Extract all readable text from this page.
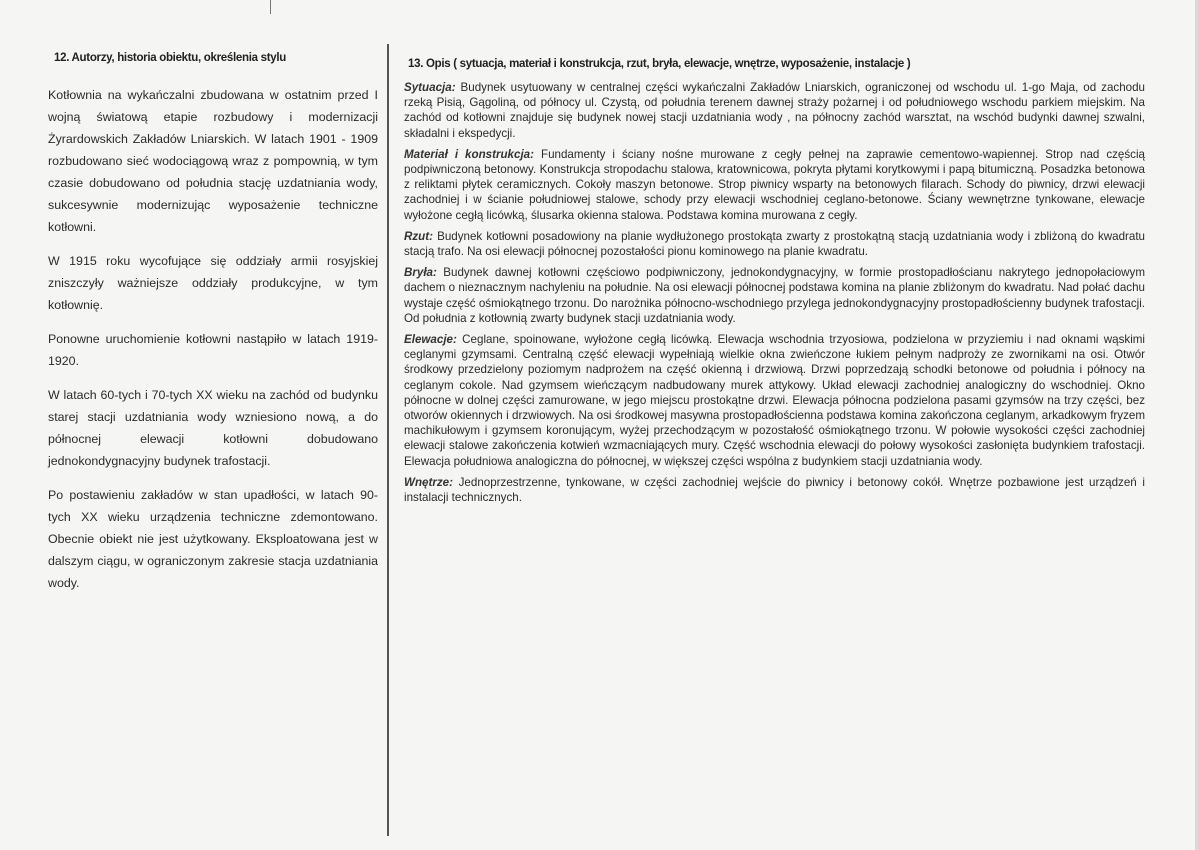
12. Autorzy, historia obiektu, określenia stylu

Kotłownia na wykańczalni zbudowana w ostatnim przed I wojną światową etapie rozbudowy i modernizacji Żyrardowskich Zakładów Lniarskich. W latach 1901 - 1909 rozbudowano sieć wodociągową wraz z pompownią, w tym czasie dobudowano od południa stację uzdatniania wody, sukcesywnie modernizując wyposażenie techniczne kotłowni.

W 1915 roku wycofujące się oddziały armii rosyjskiej zniszczyły ważniejsze oddziały produkcyjne, w tym kotłownię.

Ponowne uruchomienie kotłowni nastąpiło w latach 1919-1920.

W latach 60-tych i 70-tych XX wieku na zachód od budynku starej stacji uzdatniania wody wzniesiono nową, a do północnej elewacji kotłowni dobudowano jednokondygnacyjny budynek trafostacji.

Po postawieniu zakładów w stan upadłości, w latach 90-tych XX wieku urządzenia techniczne zdemontowano. Obecnie obiekt nie jest użytkowany. Eksploatowana jest w dalszym ciągu, w ograniczonym zakresie stacja uzdatniania wody.

13. Opis ( sytuacja, materiał i konstrukcja, rzut, bryła, elewacje, wnętrze, wyposażenie, instalacje )

Sytuacja: Budynek usytuowany w centralnej części wykańczalni Zakładów Lniarskich, ograniczonej od wschodu ul. 1-go Maja, od zachodu rzeką Pisią, Gągoliną, od północy ul. Czystą, od południa terenem dawnej straży pożarnej i od południowego wschodu parkiem miejskim. Na zachód od kotłowni znajduje się budynek nowej stacji uzdatniania wody , na północny zachód warsztat, na wschód budynki dawnej szwalni, składalni i ekspedycji.

Materiał i konstrukcja: Fundamenty i ściany nośne murowane z cegły pełnej na zaprawie cementowo-wapiennej. Strop nad częścią podpiwniczoną betonowy. Konstrukcja stropodachu stalowa, kratownicowa, pokryta płytami korytkowymi i papą bitumiczną. Posadzka betonowa z reliktami płytek ceramicznych. Cokoły maszyn betonowe. Strop piwnicy wsparty na betonowych filarach. Schody do piwnicy, drzwi elewacji zachodniej i w ścianie południowej stalowe, schody przy elewacji wschodniej ceglano-betonowe. Ściany wewnętrzne tynkowane, elewacje wyłożone cegłą licówką, ślusarka okienna stalowa. Podstawa komina murowana z cegły.

Rzut: Budynek kotłowni posadowiony na planie wydłużonego prostokąta zwarty z prostokątną stacją uzdatniania wody i zbliżoną do kwadratu stacją trafo. Na osi elewacji północnej pozostałości pionu kominowego na planie kwadratu.

Bryła: Budynek dawnej kotłowni częściowo podpiwniczony, jednokondygnacyjny, w formie prostopadłościanu nakrytego jednopołaciowym dachem o nieznacznym nachyleniu na południe. Na osi elewacji północnej podstawa komina na planie zbliżonym do kwadratu. Nad połać dachu wystaje część ośmiokątnego trzonu. Do narożnika północno-wschodniego przylega jednokondygnacyjny prostopadłościenny budynek trafostacji. Od południa z kotłownią zwarty budynek stacji uzdatniania wody.

Elewacje: Ceglane, spoinowane, wyłożone cegłą licówką. Elewacja wschodnia trzyosiowa, podzielona w przyziemiu i nad oknami wąskimi ceglanymi gzymsami. Centralną część elewacji wypełniają wielkie okna zwieńczone łukiem pełnym nadproży ze zwornikami na osi. Otwór środkowy przedzielony poziomym nadprożem na część okienną i drzwiową. Drzwi poprzedzają schodki betonowe od południa i północy na ceglanym cokole. Nad gzymsem wieńczącym nadbudowany murek attykowy. Układ elewacji zachodniej analogiczny do wschodniej. Okno północne w dolnej części zamurowane, w jego miejscu prostokątne drzwi. Elewacja północna podzielona pasami gzymsów na trzy części, bez otworów okiennych i drzwiowych. Na osi środkowej masywna prostopadłościenna podstawa komina zakończona ceglanym, arkadkowym fryzem machikułowym i gzymsem koronującym, wyżej przechodzącym w pozostałość ośmiokątnego trzonu. W połowie wysokości części zachodniej elewacji stalowe zakończenia kotwień wzmacniających mury. Część wschodnia elewacji do połowy wysokości zasłonięta budynkiem trafostacji. Elewacja południowa analogiczna do północnej, w większej części wspólna z budynkiem stacji uzdatniania wody.

Wnętrze: Jednoprzestrzenne, tynkowane, w części zachodniej wejście do piwnicy i betonowy cokół. Wnętrze pozbawione jest urządzeń i instalacji technicznych.
